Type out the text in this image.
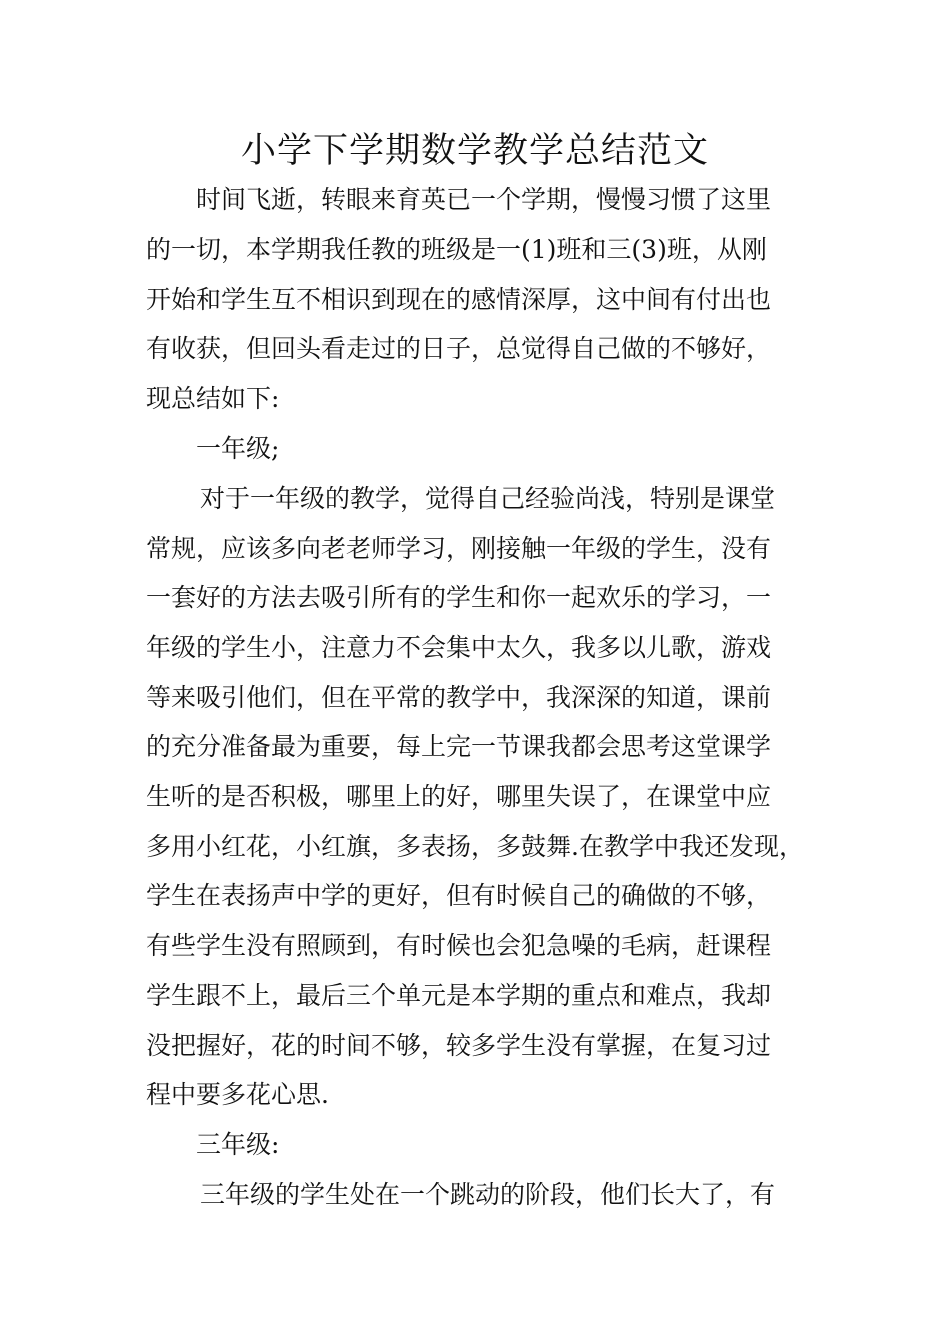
小学下学期数学教学总结范文
时间飞逝，转眼来育英已一个学期，慢慢习惯了这里
的一切，本学期我任教的班级是一(1)班和三(3)班，从刚
开始和学生互不相识到现在的感情深厚，这中间有付出也
有收获，但回头看走过的日子，总觉得自己做的不够好，
现总结如下:
一年级;
对于一年级的教学，觉得自己经验尚浅，特别是课堂
常规，应该多向老老师学习，刚接触一年级的学生，没有
一套好的方法去吸引所有的学生和你一起欢乐的学习，一
年级的学生小，注意力不会集中太久，我多以儿歌，游戏
等来吸引他们，但在平常的教学中，我深深的知道，课前
的充分准备最为重要，每上完一节课我都会思考这堂课学
生听的是否积极，哪里上的好，哪里失误了，在课堂中应
多用小红花，小红旗，多表扬，多鼓舞.在教学中我还发现，
学生在表扬声中学的更好，但有时候自己的确做的不够，
有些学生没有照顾到，有时候也会犯急噪的毛病，赶课程
学生跟不上，最后三个单元是本学期的重点和难点，我却
没把握好，花的时间不够，较多学生没有掌握，在复习过
程中要多花心思.
三年级:
三年级的学生处在一个跳动的阶段，他们长大了，有
